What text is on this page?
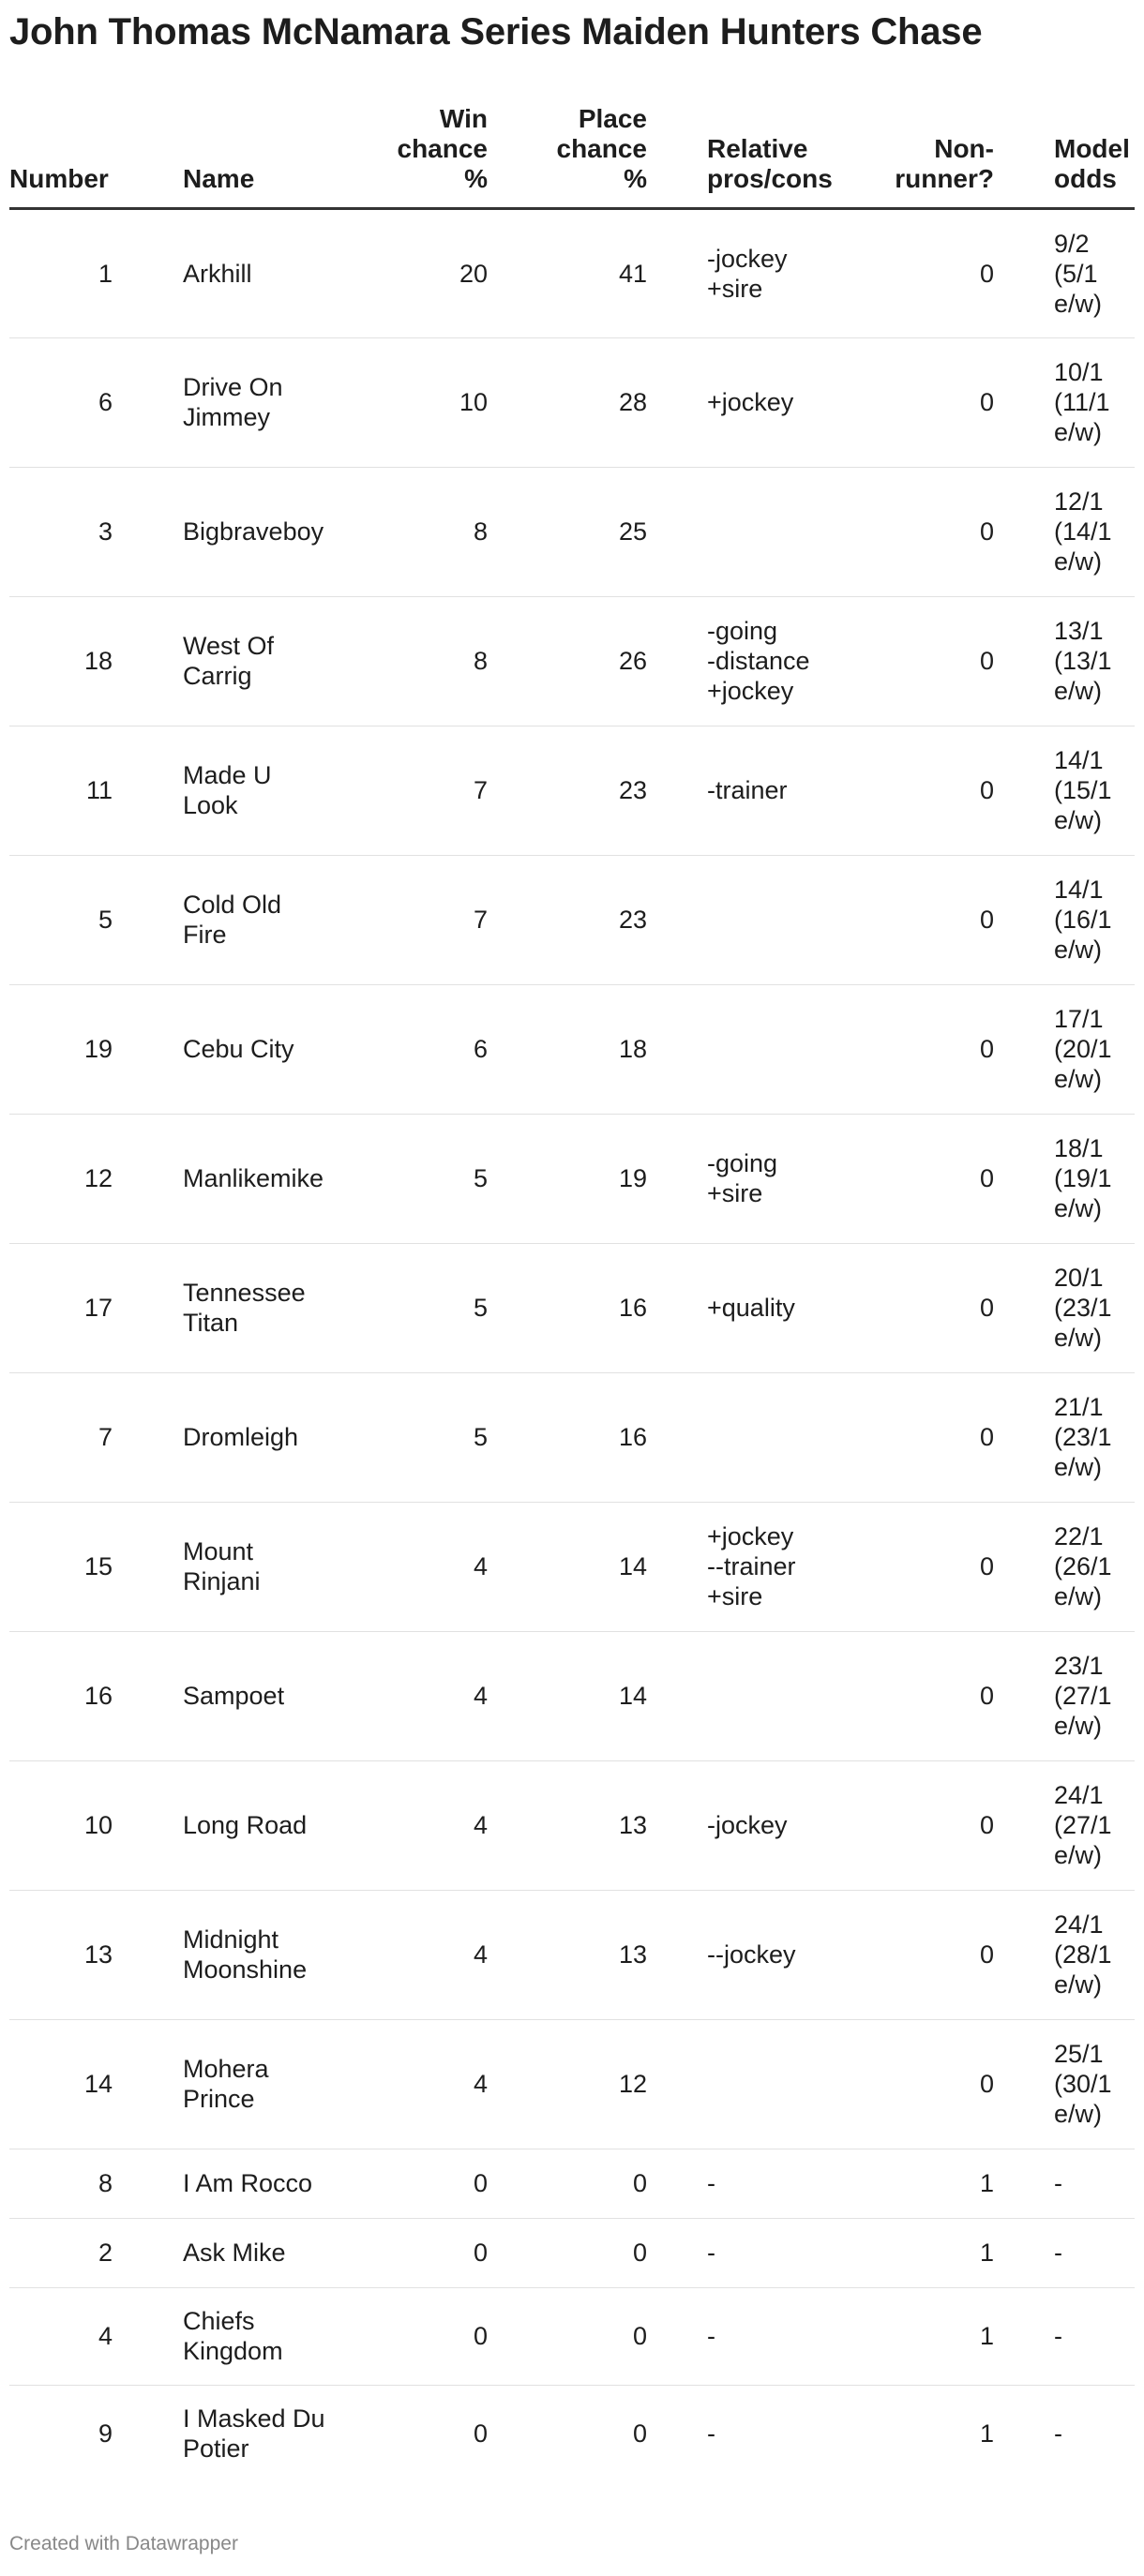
John Thomas McNamara Series Maiden Hunters Chase
Number	Name	Win
chance
%	Place
chance
%	Relative
pros/cons	Non-
runner?	Model
odds
1	Arkhill	20	41	-jockey
+sire	0	9/2
(5/1
e/w)
6	Drive On
Jimmey	10	28	+jockey	0	10/1
(11/1
e/w)
3	Bigbraveboy	8	25		0	12/1
(14/1
e/w)
18	West Of
Carrig	8	26	-going
-distance
+jockey	0	13/1
(13/1
e/w)
11	Made U
Look	7	23	-trainer	0	14/1
(15/1
e/w)
5	Cold Old
Fire	7	23		0	14/1
(16/1
e/w)
19	Cebu City	6	18		0	17/1
(20/1
e/w)
12	Manlikemike	5	19	-going
+sire	0	18/1
(19/1
e/w)
17	Tennessee
Titan	5	16	+quality	0	20/1
(23/1
e/w)
7	Dromleigh	5	16		0	21/1
(23/1
e/w)
15	Mount
Rinjani	4	14	+jockey
--trainer
+sire	0	22/1
(26/1
e/w)
16	Sampoet	4	14		0	23/1
(27/1
e/w)
10	Long Road	4	13	-jockey	0	24/1
(27/1
e/w)
13	Midnight
Moonshine	4	13	--jockey	0	24/1
(28/1
e/w)
14	Mohera
Prince	4	12		0	25/1
(30/1
e/w)
8	I Am Rocco	0	0	-	1	-
2	Ask Mike	0	0	-	1	-
4	Chiefs
Kingdom	0	0	-	1	-
9	I Masked Du
Potier	0	0	-	1	-
Created with Datawrapper
